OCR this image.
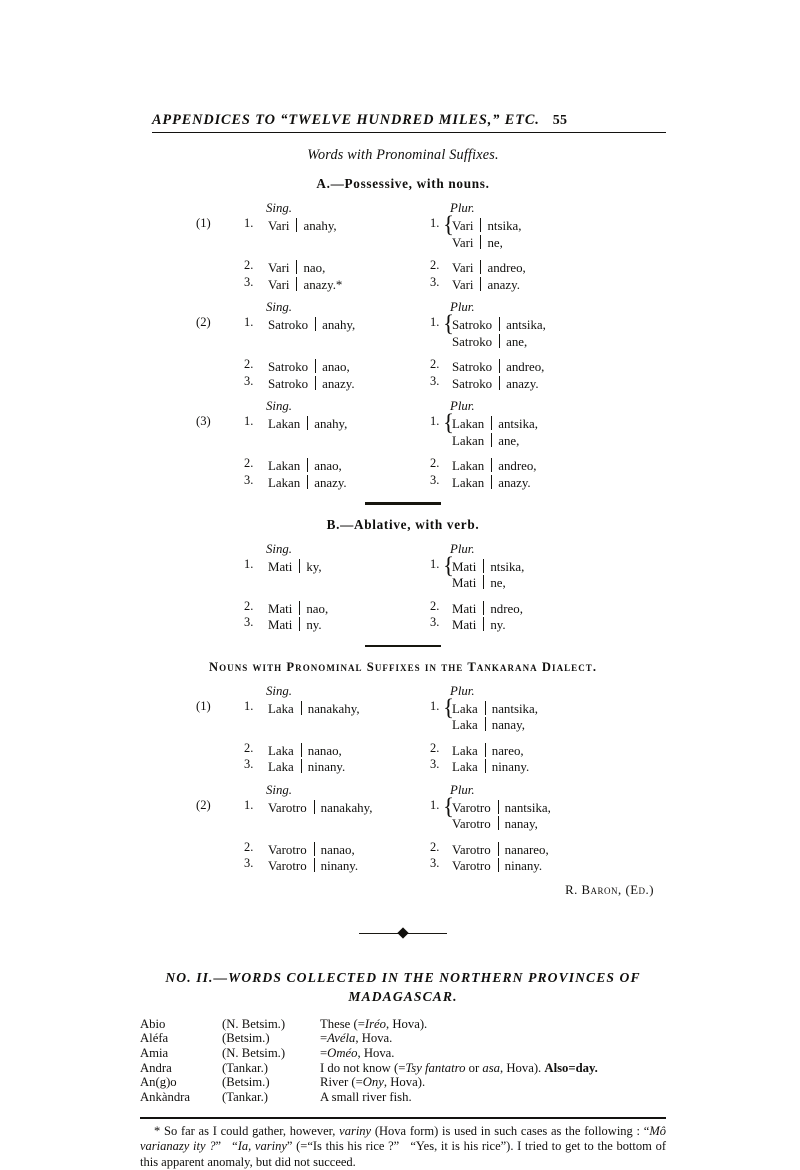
APPENDICES TO “TWELVE HUNDRED MILES,” ETC. 55
Words with Pronominal Suffixes.
A.—Possessive, with nouns.
Sing.	Plur.
(1)	1. Vari anahy,	1. {
Vari ntsika,
Vari ne,
2. Vari nao,	2. Vari andreo,
3. Vari anazy.*	3. Vari anazy.
Sing.	Plur.
(2)	1. Satroko anahy,	1. {
Satroko antsika,
Satroko ane,
2. Satroko anao,	2. Satroko andreo,
3. Satroko anazy.	3. Satroko anazy.
Sing.	Plur.
(3)	1. Lakan anahy,	1. {
Lakan antsika,
Lakan ane,
2. Lakan anao,	2. Lakan andreo,
3. Lakan anazy.	3. Lakan anazy.
B.—Ablative, with verb.
Sing.	Plur.
1. Mati ky,	1. {
Mati ntsika,
Mati ne,
2. Mati nao,	2. Mati ndreo,
3. Mati ny.	3. Mati ny.
Nouns with Pronominal Suffixes in the Tankarana Dialect.
Sing.	Plur.
(1)	1. Laka nanakahy,	1. {
Laka nantsika,
Laka nanay,
2. Laka nanao,	2. Laka nareo,
3. Laka ninany.	3. Laka ninany.
Sing.	Plur.
(2)	1. Varotro nanakahy,	1. {
Varotro nantsika,
Varotro nanay,
2. Varotro nanao,	2. Varotro nanareo,
3. Varotro ninany.	3. Varotro ninany.
R. Baron, (Ed.)
NO. II.—WORDS COLLECTED IN THE NORTHERN PROVINCES OF
MADAGASCAR.
Abio	(N. Betsim.)	These (=Iréo, Hova).
Aléfa	(Betsim.)	=Avéla, Hova.
Amia	(N. Betsim.)	=Oméo, Hova.
Andra	(Tankar.)	I do not know (=Tsy fantatro or asa, Hova). Also=day.
An(g)o	(Betsim.)	River (=Ony, Hova).
Ankàndra	(Tankar.)	A small river fish.
* So far as I could gather, however, variny (Hova form) is used in such cases as the following : “Mô varianazy ity ?”   “Ia, variny” (=“Is this his rice ?”   “Yes, it is his rice”). I tried to get to the bottom of this apparent anomaly, but did not succeed.
